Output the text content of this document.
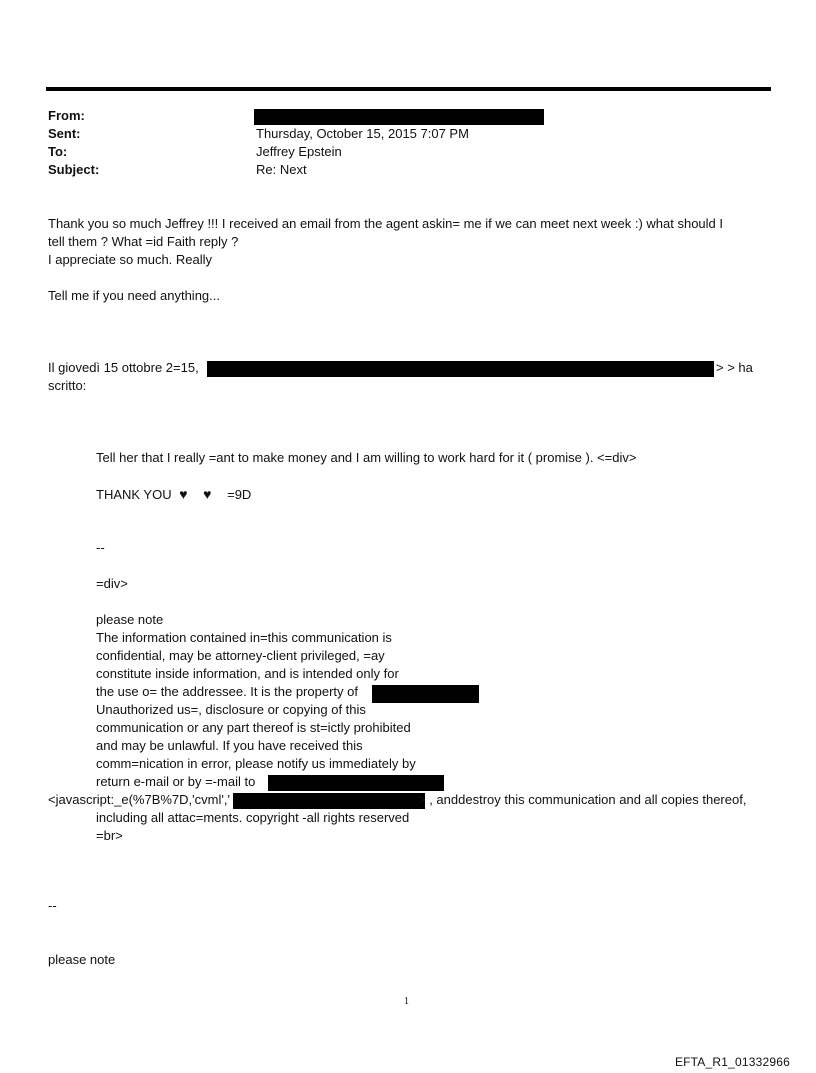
From:
Sent:	Thursday, October 15, 2015 7:07 PM
To:	Jeffrey Epstein
Subject:	Re: Next
Thank you so much Jeffrey !!! I received an email from the agent askin= me if we can meet next week :) what should I
tell them ? What =id Faith reply ?
I appreciate so much. Really
Tell me if you need anything...
Il giovedì 15 ottobre 2=15,	> > ha
scritto:
Tell her that I really =ant to make money and I am willing to work hard for it ( promise ). <=div>
THANK YOU ♥ ♥ =9D
--
=div>
please note
The information contained in=this communication is
confidential, may be attorney-client privileged, =ay
constitute inside information, and is intended only for
the use o= the addressee. It is the property of
Unauthorized us=, disclosure or copying of this
communication or any part thereof is st=ictly prohibited
and may be unlawful. If you have received this
comm=nication in error, please notify us immediately by
return e-mail or by =-mail to
<javascript:_e(%7B%7D,'cvml','	> , anddestroy this communication and all copies thereof,
including all attac=ments. copyright -all rights reserved
=br>
--
please note
1
EFTA_R1_01332966
